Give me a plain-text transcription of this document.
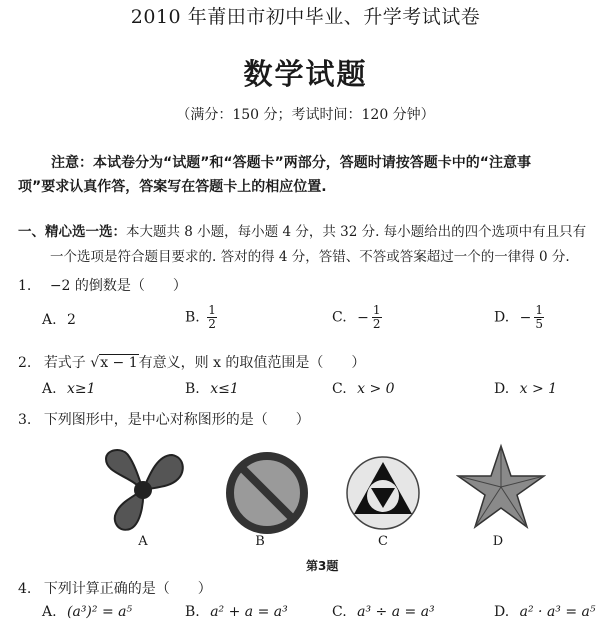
2010 年莆田市初中毕业、升学考试试卷
数学试题
（满分：150 分；考试时间：120 分钟）
注意：本试卷分为“试题”和“答题卡”两部分，答题时请按答题卡中的“注意事
项”要求认真作答，答案写在答题卡上的相应位置.
一、精心选一选：本大题共 8 小题，每小题 4 分，共 32 分. 每小题给出的四个选项中有且只有
一个选项是符合题目要求的. 答对的得 4 分，答错、不答或答案超过一个的一律得 0 分.
1. −2 的倒数是（　　）
A. 2	B. $\frac{1}{2}$	C. − $\frac{1}{2}$	D. − $\frac{1}{5}$
2. 若式子 √x − 1有意义，则 x 的取值范围是（　　）
A. x≥1	B. x≤1	C. x > 0	D. x > 1
3. 下列图形中，是中心对称图形的是（　　）
A	B	C	D
第3题
4. 下列计算正确的是（　　）
A. (a³)² = a⁵	B. a² + a = a³	C. a³ ÷ a = a³	D. a² · a³ = a⁵
